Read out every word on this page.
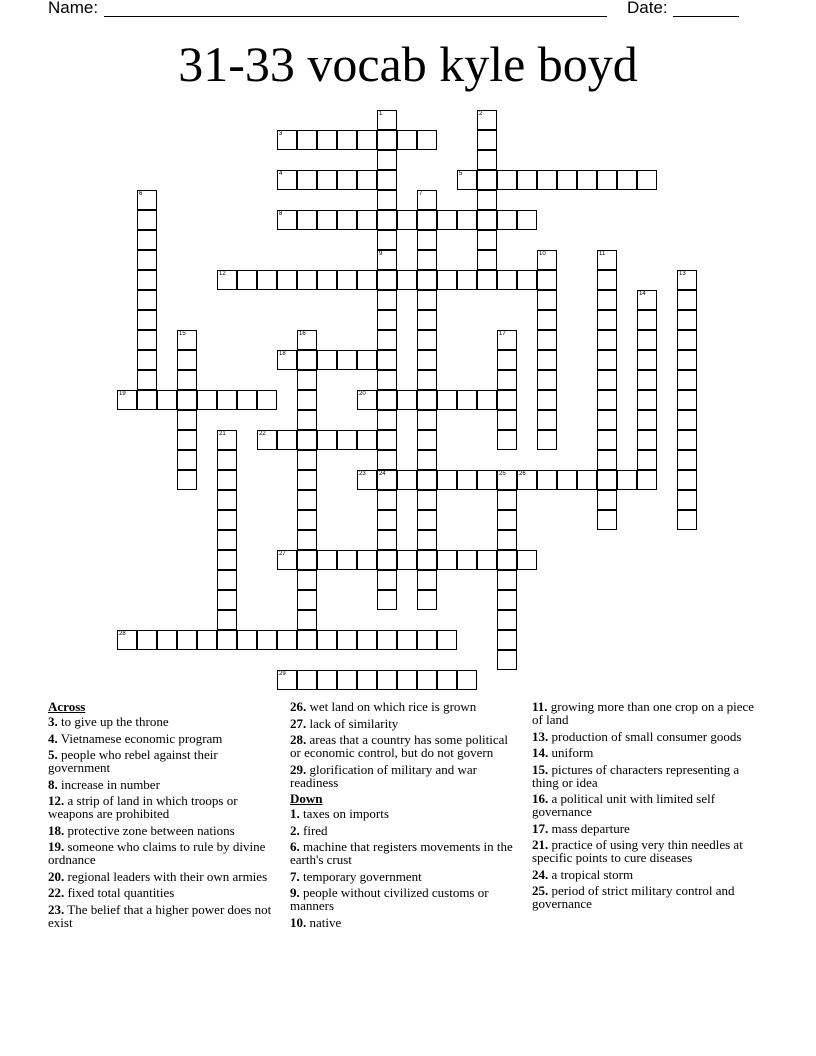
Name:	Date:
31-33 vocab kyle boyd
1
9
2
3
4	5
6	7
8
24
10	11
12	13
14
15	16	17
18
19	20
21	22
23	25 26
27
28
29
Across
3. to give up the throne
4. Vietnamese economic program
5. people who rebel against their government
8. increase in number
12. a strip of land in which troops or weapons are prohibited
18. protective zone between nations
19. someone who claims to rule by divine ordnance
20. regional leaders with their own armies
22. fixed total quantities
23. The belief that a higher power does not exist
26. wet land on which rice is grown
27. lack of similarity
28. areas that a country has some political or economic control, but do not govern
29. glorification of military and war readiness
Down
1. taxes on imports
2. fired
6. machine that registers movements in the earth's crust
7. temporary government
9. people without civilized customs or manners
10. native
11. growing more than one crop on a piece of land
13. production of small consumer goods
14. uniform
15. pictures of characters representing a thing or idea
16. a political unit with limited self governance
17. mass departure
21. practice of using very thin needles at specific points to cure diseases
24. a tropical storm
25. period of strict military control and governance
